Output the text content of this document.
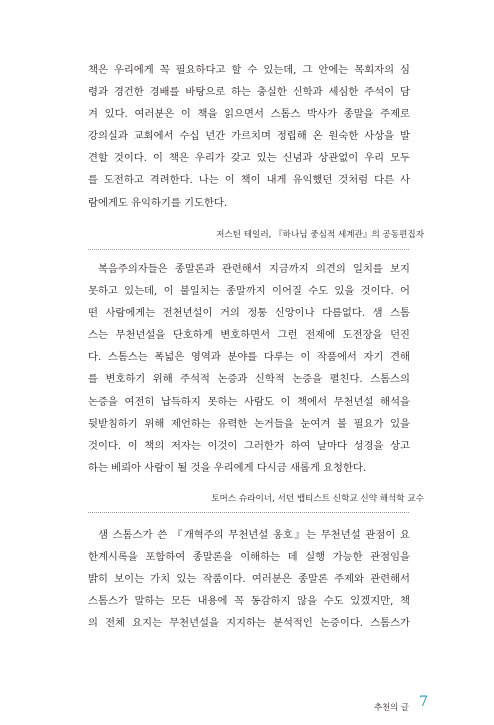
책은 우리에게 꼭 필요하다고 할 수 있는데, 그 안에는 목회자의 심
령과 경건한 경배를 바탕으로 하는 충실한 신학과 세심한 주석이 담
겨 있다. 여러분은 이 책을 읽으면서 스톰스 박사가 종말을 주제로
강의실과 교회에서 수십 년간 가르치며 정립해 온 원숙한 사상을 발
견할 것이다. 이 책은 우리가 갖고 있는 신념과 상관없이 우리 모두
를 도전하고 격려한다. 나는 이 책이 내게 유익했던 것처럼 다른 사
람에게도 유익하기를 기도한다.

저스틴 테일러, 『하나님 중심적 세계관』의 공동편집자

복음주의자들은 종말론과 관련해서 지금까지 의견의 일치를 보지
못하고 있는데, 이 불일치는 종말까지 이어질 수도 있을 것이다. 어
떤 사람에게는 전천년설이 거의 정통 신앙이나 다름없다. 샘 스톰
스는 무천년설을 단호하게 변호하면서 그런 전제에 도전장을 던진
다. 스톰스는 폭넓은 영역과 분야를 다루는 이 작품에서 자기 견해
를 변호하기 위해 주석적 논증과 신학적 논증을 펼친다. 스톰스의
논증을 여전히 납득하지 못하는 사람도 이 책에서 무천년설 해석을
뒷받침하기 위해 제언하는 유력한 논거들을 눈여겨 볼 필요가 있을
것이다. 이 책의 저자는 이것이 그러한가 하여 날마다 성경을 상고
하는 베뢰아 사람이 될 것을 우리에게 다시금 새롭게 요청한다.

토머스 슈라이너, 서던 뱁티스트 신학교 신약 해석학 교수

샘 스톰스가 쓴 『개혁주의 무천년설 옹호』는 무천년설 관점이 요
한계시록을 포함하여 종말론을 이해하는 데 실행 가능한 관점임을
밝히 보이는 가치 있는 작품이다. 여러분은 종말론 주제와 관련해서
스톰스가 말하는 모든 내용에 꼭 동감하지 않을 수도 있겠지만, 책
의 전체 요지는 무천년설을 지지하는 분석적인 논증이다. 스톰스가

추천의 글 7
